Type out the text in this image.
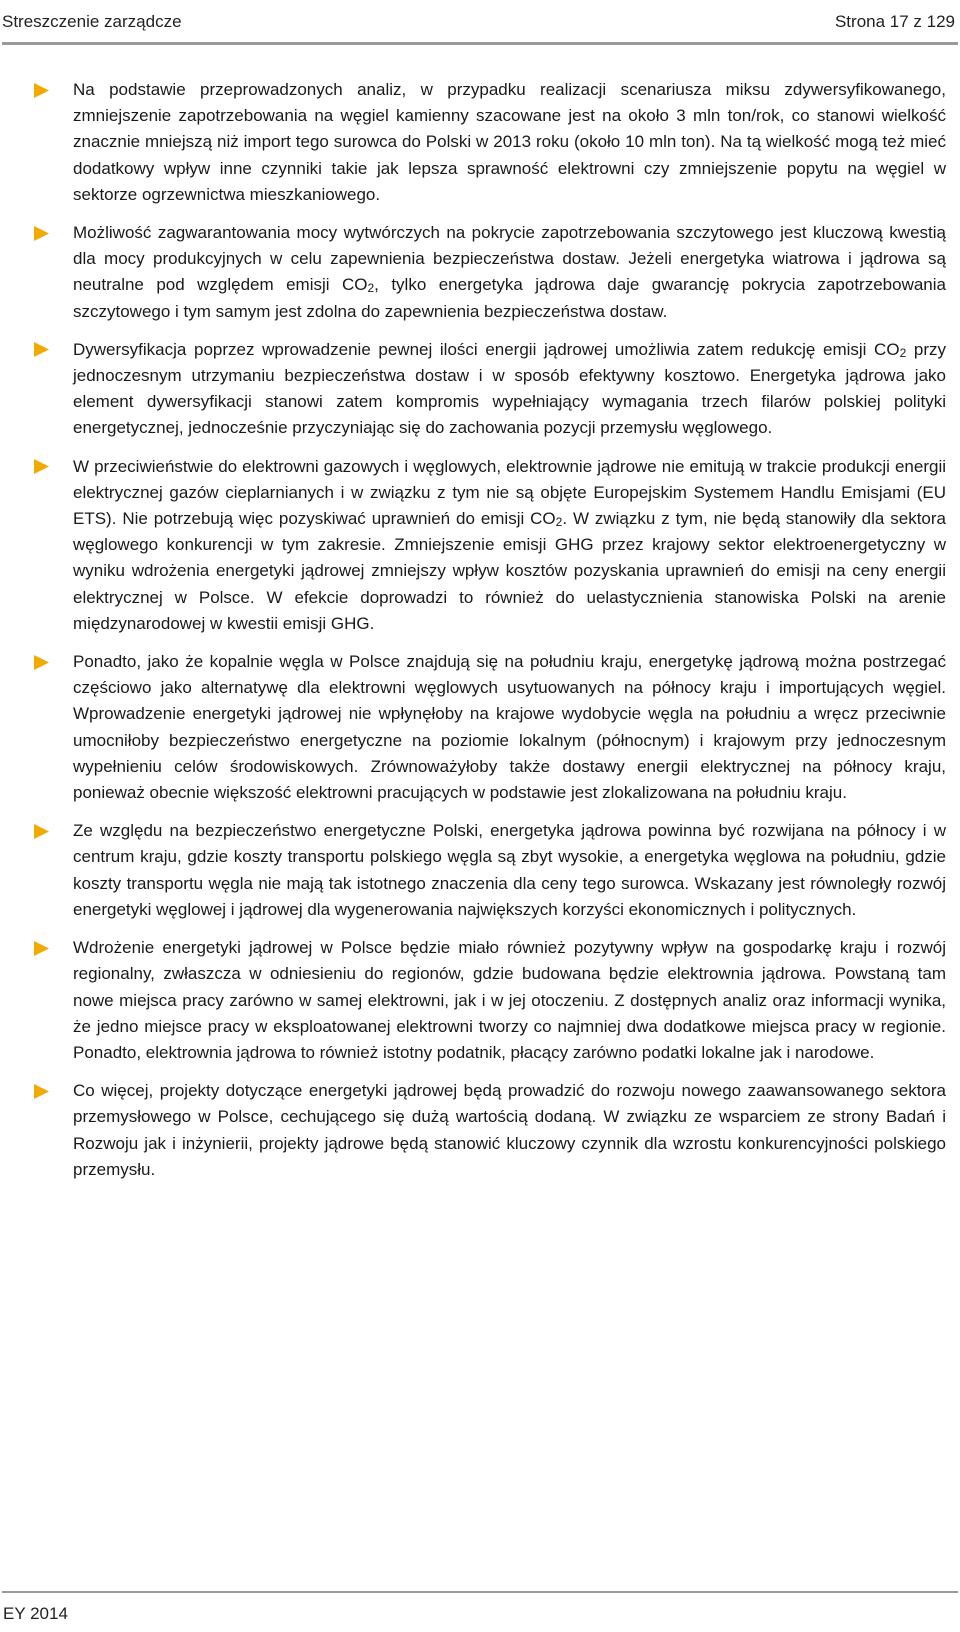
Streszczenie zarządcze	Strona 17 z 129
Na podstawie przeprowadzonych analiz, w przypadku realizacji scenariusza miksu zdywersyfikowanego, zmniejszenie zapotrzebowania na węgiel kamienny szacowane jest na około 3 mln ton/rok, co stanowi wielkość znacznie mniejszą niż import tego surowca do Polski w 2013 roku (około 10 mln ton). Na tą wielkość mogą też mieć dodatkowy wpływ inne czynniki takie jak lepsza sprawność elektrowni czy zmniejszenie popytu na węgiel w sektorze ogrzewnictwa mieszkaniowego.
Możliwość zagwarantowania mocy wytwórczych na pokrycie zapotrzebowania szczytowego jest kluczową kwestią dla mocy produkcyjnych w celu zapewnienia bezpieczeństwa dostaw. Jeżeli energetyka wiatrowa i jądrowa są neutralne pod względem emisji $CO_2$, tylko energetyka jądrowa daje gwarancję pokrycia zapotrzebowania szczytowego i tym samym jest zdolna do zapewnienia bezpieczeństwa dostaw.
Dywersyfikacja poprzez wprowadzenie pewnej ilości energii jądrowej umożliwia zatem redukcję emisji $CO_2$ przy jednoczesnym utrzymaniu bezpieczeństwa dostaw i w sposób efektywny kosztowo. Energetyka jądrowa jako element dywersyfikacji stanowi zatem kompromis wypełniający wymagania trzech filarów polskiej polityki energetycznej, jednocześnie przyczyniając się do zachowania pozycji przemysłu węglowego.
W przeciwieństwie do elektrowni gazowych i węglowych, elektrownie jądrowe nie emitują w trakcie produkcji energii elektrycznej gazów cieplarnianych i w związku z tym nie są objęte Europejskim Systemem Handlu Emisjami (EU ETS). Nie potrzebują więc pozyskiwać uprawnień do emisji $CO_2$. W związku z tym, nie będą stanowiły dla sektora węglowego konkurencji w tym zakresie. Zmniejszenie emisji GHG przez krajowy sektor elektroenergetyczny w wyniku wdrożenia energetyki jądrowej zmniejszy wpływ kosztów pozyskania uprawnień do emisji na ceny energii elektrycznej w Polsce. W efekcie doprowadzi to również do uelastycznienia stanowiska Polski na arenie międzynarodowej w kwestii emisji GHG.
Ponadto, jako że kopalnie węgla w Polsce znajdują się na południu kraju, energetykę jądrową można postrzegać częściowo jako alternatywę dla elektrowni węglowych usytuowanych na północy kraju i importujących węgiel. Wprowadzenie energetyki jądrowej nie wpłynęłoby na krajowe wydobycie węgla na południu a wręcz przeciwnie umocniłoby bezpieczeństwo energetyczne na poziomie lokalnym (północnym) i krajowym przy jednoczesnym wypełnieniu celów środowiskowych. Zrównoważyłoby także dostawy energii elektrycznej na północy kraju, ponieważ obecnie większość elektrowni pracujących w podstawie jest zlokalizowana na południu kraju.
Ze względu na bezpieczeństwo energetyczne Polski, energetyka jądrowa powinna być rozwijana na północy i w centrum kraju, gdzie koszty transportu polskiego węgla są zbyt wysokie, a energetyka węglowa na południu, gdzie koszty transportu węgla nie mają tak istotnego znaczenia dla ceny tego surowca. Wskazany jest równoległy rozwój energetyki węglowej i jądrowej dla wygenerowania największych korzyści ekonomicznych i politycznych.
Wdrożenie energetyki jądrowej w Polsce będzie miało również pozytywny wpływ na gospodarkę kraju i rozwój regionalny, zwłaszcza w odniesieniu do regionów, gdzie budowana będzie elektrownia jądrowa. Powstaną tam nowe miejsca pracy zarówno w samej elektrowni, jak i w jej otoczeniu. Z dostępnych analiz oraz informacji wynika, że jedno miejsce pracy w eksploatowanej elektrowni tworzy co najmniej dwa dodatkowe miejsca pracy w regionie. Ponadto, elektrownia jądrowa to również istotny podatnik, płacący zarówno podatki lokalne jak i narodowe.
Co więcej, projekty dotyczące energetyki jądrowej będą prowadzić do rozwoju nowego zaawansowanego sektora przemysłowego w Polsce, cechującego się dużą wartością dodaną. W związku ze wsparciem ze strony Badań i Rozwoju jak i inżynierii, projekty jądrowe będą stanowić kluczowy czynnik dla wzrostu konkurencyjności polskiego przemysłu.
EY 2014
